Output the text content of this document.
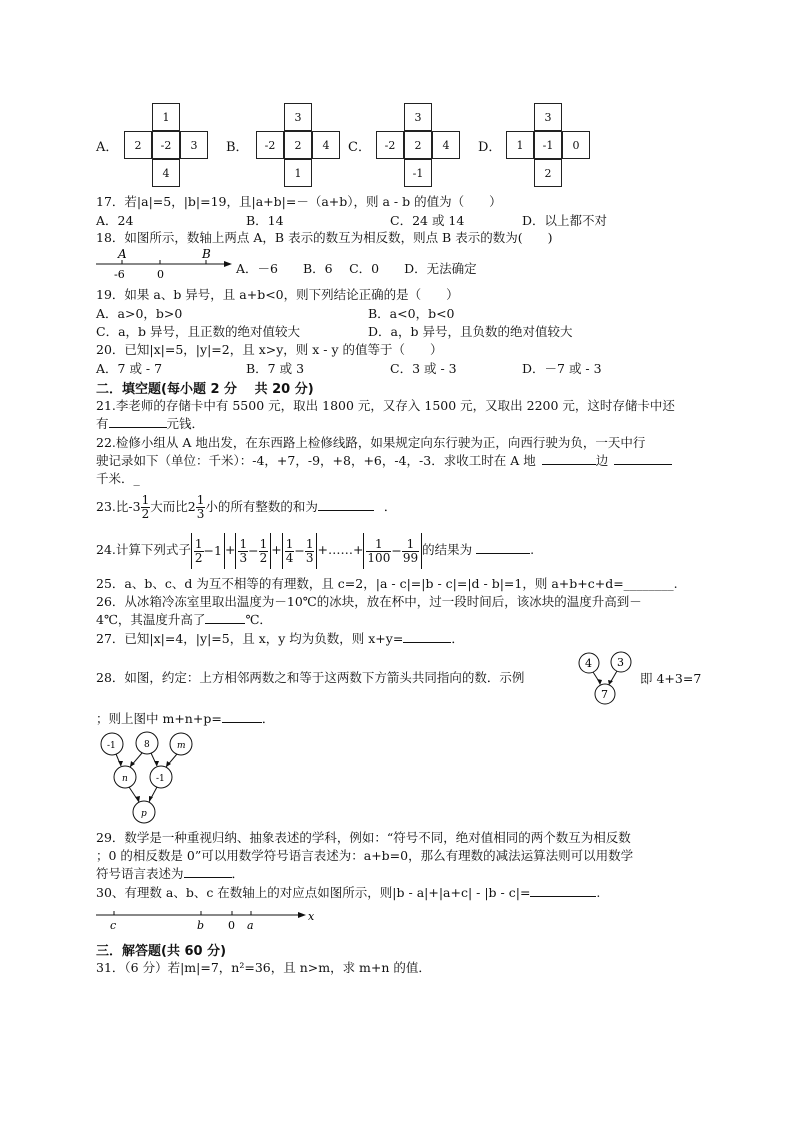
A．
1
2	-2	3
4
B．
3
-2	2	4
1
C．
3
-2	2	4
-1
D．
3
1	-1	0
2
17．若|a|=5，|b|=19，且|a+b|=－（a+b），则 a - b 的值为（　　）
A．24	B．14	C．24 或 14	D．以上都不对
18．如图所示，数轴上两点 A，B 表示的数互为相反数，则点 B 表示的数为(　　)
A	B
-6	0	A．－6　　B．6　 C．0　　D．无法确定
19．如果 a、b 异号，且 a+b<0，则下列结论正确的是（　　）
A．a>0，b>0	B．a<0，b<0
C．a，b 异号，且正数的绝对值较大	D．a，b 异号，且负数的绝对值较大
20．已知|x|=5，|y|=2，且 x>y，则 x - y 的值等于（　　）
A．7 或 - 7	B．7 或 3	C．3 或 - 3	D．－7 或 - 3
二．填空题(每小题 2 分　 共 20 分)
21.李老师的存储卡中有 5500 元，取出 1800 元，又存入 1500 元，又取出 2200 元，这时存储卡中还
有	元钱．
22.检修小组从 A 地出发，在东西路上检修线路，如果规定向东行驶为正，向西行驶为负，一天中行
驶记录如下（单位：千米）：-4，+7，-9，+8，+6，-4，-3．求收工时在 A 地	边
千米．_
23.比$-3 \frac{1}{2}$ 大而比$2 \frac{1}{3}$ 小的所有整数的和为	．
24.计算下列式子 $\frac{1}{2} -1 + \frac{1}{3} - \frac{1}{2} + \frac{1}{4} - \frac{1}{3}$ +……+ $\frac{1}{100} - \frac{1}{99}$ 的结果为	.
25．a、b、c、d 为互不相等的有理数，且 c=2，|a - c|=|b - c|=|d - b|=1，则 a+b+c+d=________.
26．从冰箱冷冻室里取出温度为－10℃的冰块，放在杯中，过一段时间后，该冰块的温度升高到－
4℃，其温度升高了	℃．
27．已知|x|=4，|y|=5，且 x，y 均为负数，则 x+y=	．
28．如图，约定：上方相邻两数之和等于这两数下方箭头共同指向的数．示例
4 3
7
即 4+3=7
；则上图中 m+n+p=	．
-1	8	m
n	-1
p
29．数学是一种重视归纳、抽象表述的学科，例如：“符号不同，绝对值相同的两个数互为相反数
；0 的相反数是 0”可以用数学符号语言表述为：a+b=0，那么有理数的减法运算法则可以用数学
符号语言表述为	．
30、有理数 a、b、c 在数轴上的对应点如图所示，则|b - a|+|a+c| - |b - c|=	.
c	b 0 a
x
三．解答题(共 60 分)
31．（6 分）若|m|=7，n²=36，且 n>m，求 m+n 的值．
